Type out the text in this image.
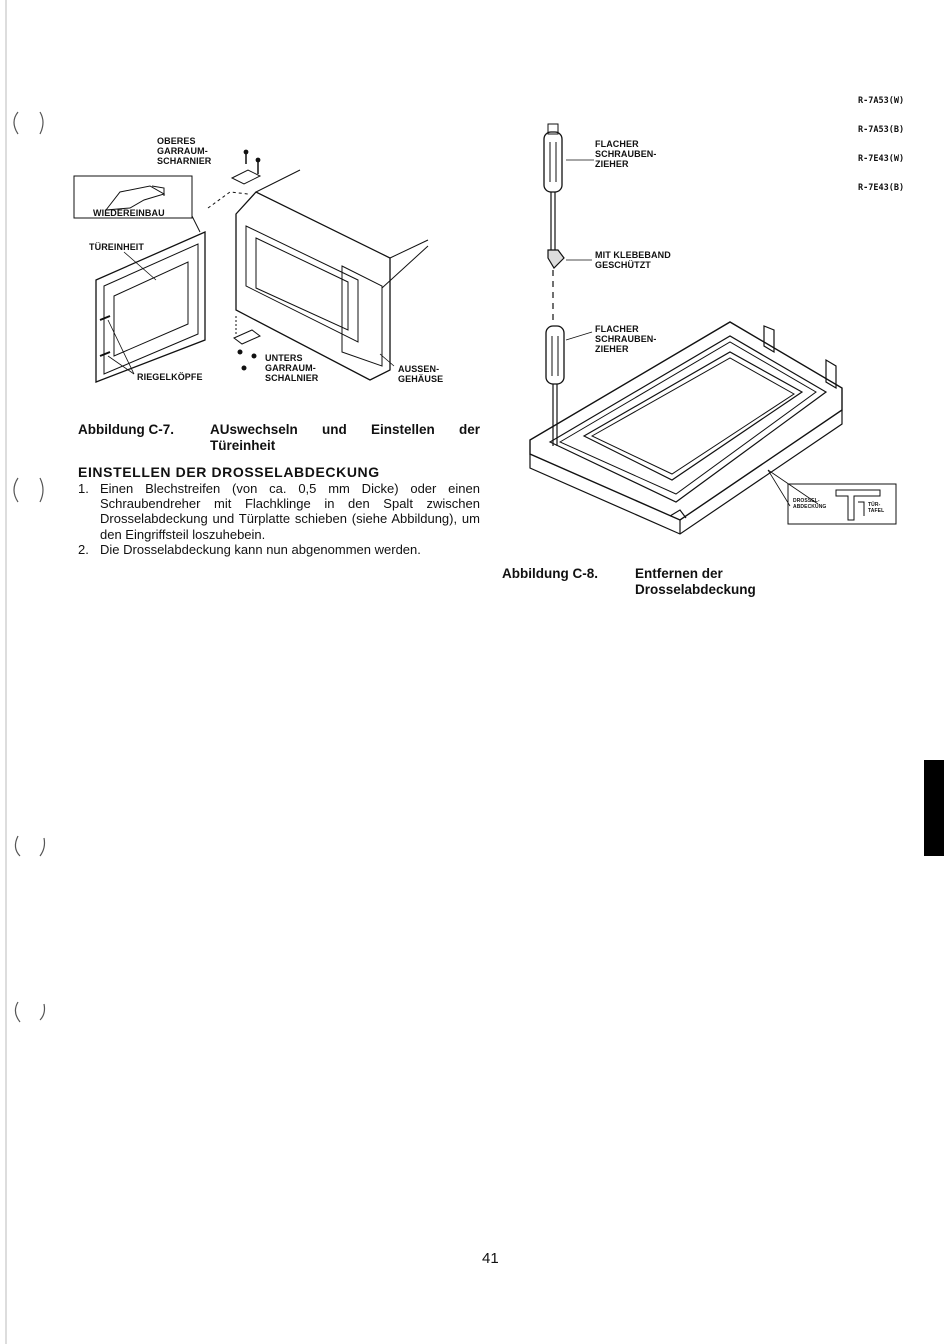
R-7A53(W)

R-7A53(B)

R-7E43(W)

R-7E43(B)

OBERES
GARRAUM-
SCHARNIER
WIEDEREINBAU
TÜREINHEIT
RIEGELKÖPFE
UNTERS
GARRAUM-
SCHALNIER
AUSSEN-
GEHÄUSE
Abbildung C-7.	AUswechseln und Einstellen der Türeinheit
EINSTELLEN DER DROSSELABDECKUNG
1. Einen Blechstreifen (von ca. 0,5 mm Dicke) oder einen Schraubendreher mit Flachklinge in den Spalt zwischen Drosselabdeckung und Türplatte schieben (siehe Abbildung), um den Eingriffsteil loszuhebein.
2. Die Drosselabdeckung kann nun abgenommen werden.
FLACHER
SCHRAUBEN-
ZIEHER
MIT KLEBEBAND
GESCHÜTZT
FLACHER
SCHRAUBEN-
ZIEHER
DROSSEL-
ABDECKUNG	TÜR-
TAFEL
Abbildung C-8.	Entfernen der Drosselabdeckung
41
